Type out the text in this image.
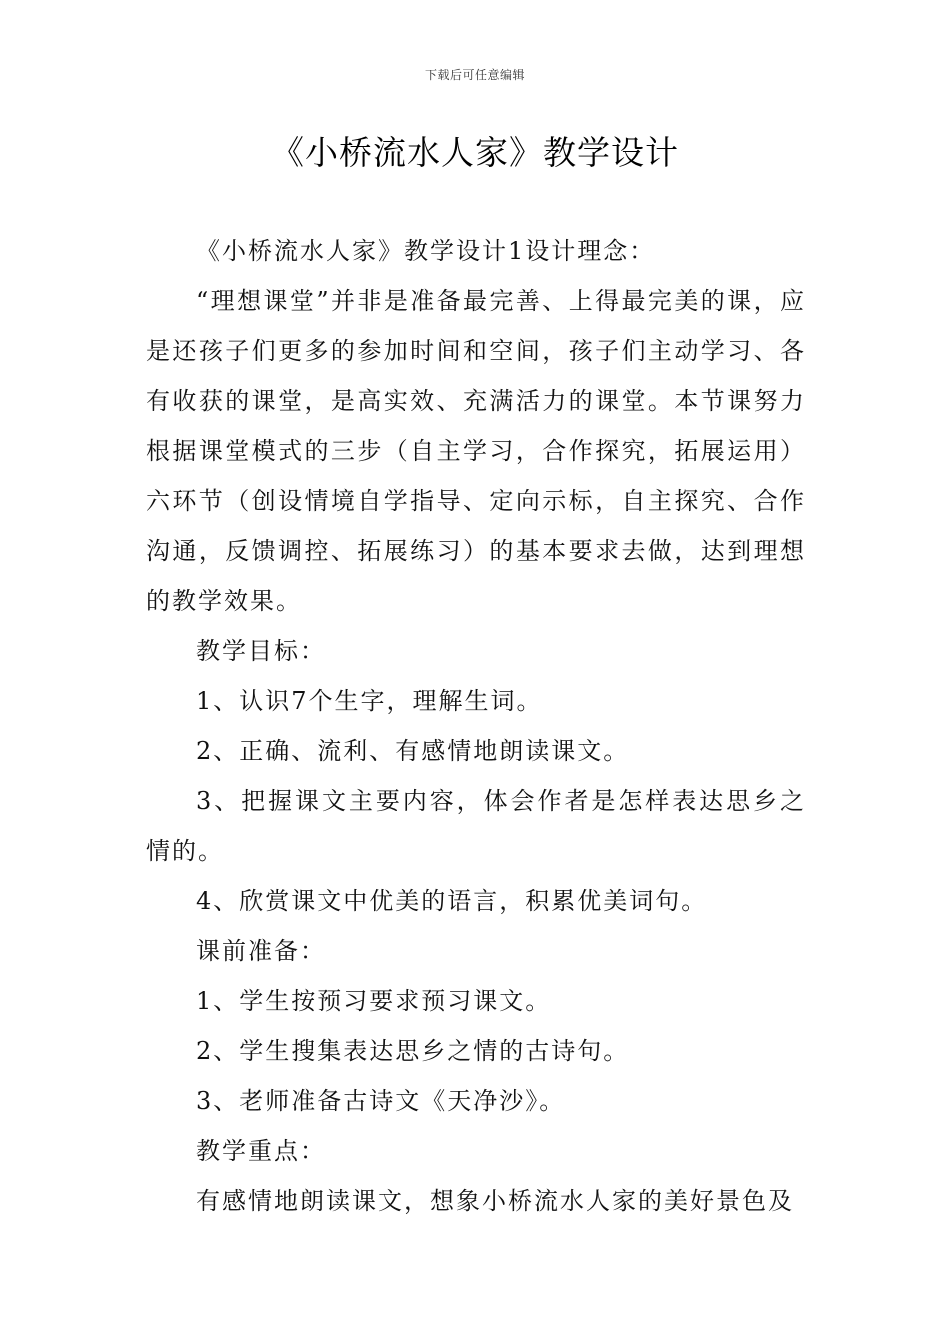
下载后可任意编辑
《小桥流水人家》教学设计

《小桥流水人家》教学设计1设计理念：

“理想课堂”并非是准备最完善、上得最完美的课，应是还孩子们更多的参加时间和空间，孩子们主动学习、各有收获的课堂，是高实效、充满活力的课堂。本节课努力根据课堂模式的三步（自主学习，合作探究，拓展运用）六环节（创设情境自学指导、定向示标，自主探究、合作沟通，反馈调控、拓展练习）的基本要求去做，达到理想的教学效果。

教学目标：

1、认识7个生字，理解生词。

2、正确、流利、有感情地朗读课文。

3、把握课文主要内容，体会作者是怎样表达思乡之情的。

4、欣赏课文中优美的语言，积累优美词句。

课前准备：

1、学生按预习要求预习课文。

2、学生搜集表达思乡之情的古诗句。

3、老师准备古诗文《天净沙》。

教学重点：

有感情地朗读课文，想象小桥流水人家的美好景色及
